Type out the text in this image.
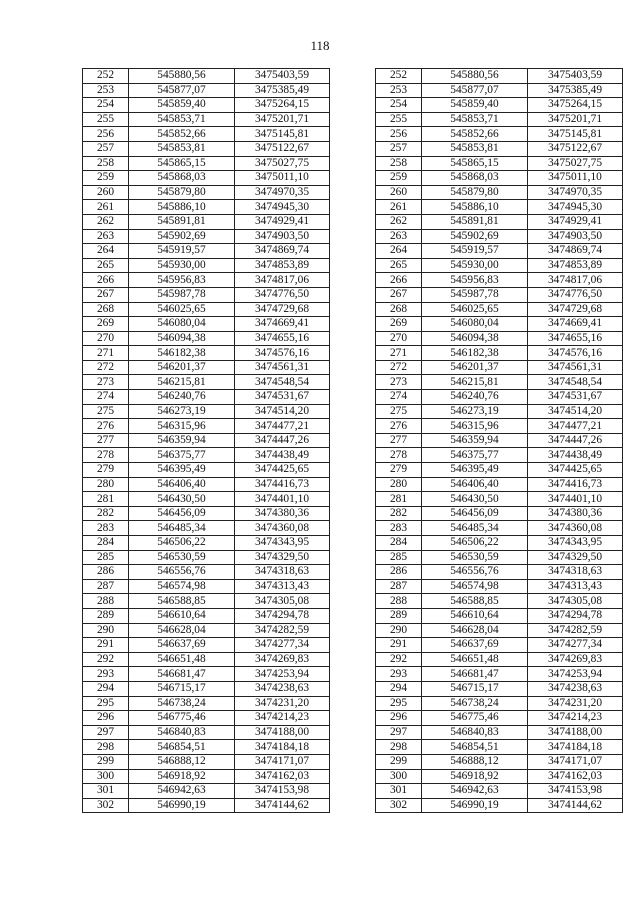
118
252	545880,56	3475403,59		252	545880,56	3475403,59
253	545877,07	3475385,49		253	545877,07	3475385,49
254	545859,40	3475264,15		254	545859,40	3475264,15
255	545853,71	3475201,71		255	545853,71	3475201,71
256	545852,66	3475145,81		256	545852,66	3475145,81
257	545853,81	3475122,67		257	545853,81	3475122,67
258	545865,15	3475027,75		258	545865,15	3475027,75
259	545868,03	3475011,10		259	545868,03	3475011,10
260	545879,80	3474970,35		260	545879,80	3474970,35
261	545886,10	3474945,30		261	545886,10	3474945,30
262	545891,81	3474929,41		262	545891,81	3474929,41
263	545902,69	3474903,50		263	545902,69	3474903,50
264	545919,57	3474869,74		264	545919,57	3474869,74
265	545930,00	3474853,89		265	545930,00	3474853,89
266	545956,83	3474817,06		266	545956,83	3474817,06
267	545987,78	3474776,50		267	545987,78	3474776,50
268	546025,65	3474729,68		268	546025,65	3474729,68
269	546080,04	3474669,41		269	546080,04	3474669,41
270	546094,38	3474655,16		270	546094,38	3474655,16
271	546182,38	3474576,16		271	546182,38	3474576,16
272	546201,37	3474561,31		272	546201,37	3474561,31
273	546215,81	3474548,54		273	546215,81	3474548,54
274	546240,76	3474531,67		274	546240,76	3474531,67
275	546273,19	3474514,20		275	546273,19	3474514,20
276	546315,96	3474477,21		276	546315,96	3474477,21
277	546359,94	3474447,26		277	546359,94	3474447,26
278	546375,77	3474438,49		278	546375,77	3474438,49
279	546395,49	3474425,65		279	546395,49	3474425,65
280	546406,40	3474416,73		280	546406,40	3474416,73
281	546430,50	3474401,10		281	546430,50	3474401,10
282	546456,09	3474380,36		282	546456,09	3474380,36
283	546485,34	3474360,08		283	546485,34	3474360,08
284	546506,22	3474343,95		284	546506,22	3474343,95
285	546530,59	3474329,50		285	546530,59	3474329,50
286	546556,76	3474318,63		286	546556,76	3474318,63
287	546574,98	3474313,43		287	546574,98	3474313,43
288	546588,85	3474305,08		288	546588,85	3474305,08
289	546610,64	3474294,78		289	546610,64	3474294,78
290	546628,04	3474282,59		290	546628,04	3474282,59
291	546637,69	3474277,34		291	546637,69	3474277,34
292	546651,48	3474269,83		292	546651,48	3474269,83
293	546681,47	3474253,94		293	546681,47	3474253,94
294	546715,17	3474238,63		294	546715,17	3474238,63
295	546738,24	3474231,20		295	546738,24	3474231,20
296	546775,46	3474214,23		296	546775,46	3474214,23
297	546840,83	3474188,00		297	546840,83	3474188,00
298	546854,51	3474184,18		298	546854,51	3474184,18
299	546888,12	3474171,07		299	546888,12	3474171,07
300	546918,92	3474162,03		300	546918,92	3474162,03
301	546942,63	3474153,98		301	546942,63	3474153,98
302	546990,19	3474144,62		302	546990,19	3474144,62
